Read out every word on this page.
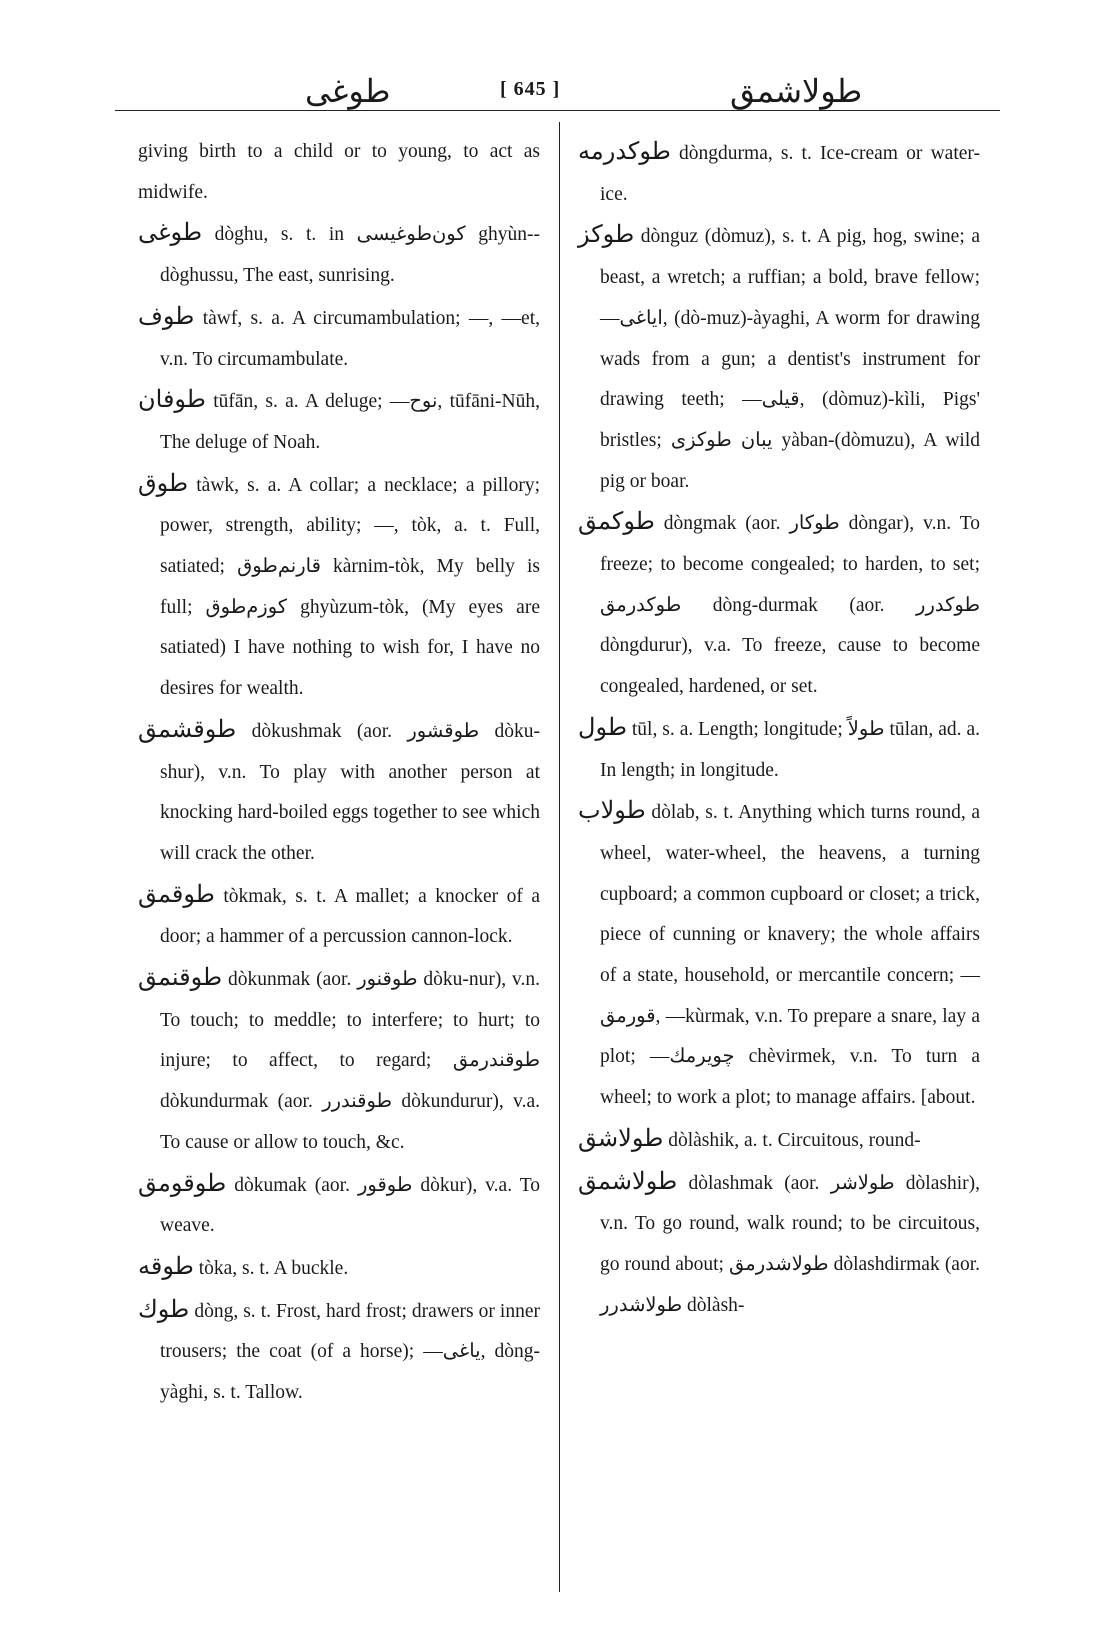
طوغی	[ 645 ]	طولاشمق

giving birth to a child or to young, to act as midwife.

طوغی dòghu, s. t. in کون‌طوغیسی ghyùn--dòghussu, The east, sunrising.

طوف tàwf, s. a. A circumambulation; —, —et, v.n. To circumambulate.

طوفان tūfān, s. a. A deluge; —نوح, tūfāni-Nūh, The deluge of Noah.

طوق tàwk, s. a. A collar; a necklace; a pillory; power, strength, ability; —, tòk, a. t. Full, satiated; قارنم‌طوق kàrnim-tòk, My belly is full; كوزم‌طوق ghyùzum-tòk, (My eyes are satiated) I have nothing to wish for, I have no desires for wealth.

طوقشمق dòkushmak (aor. طوقشور dòku-shur), v.n. To play with another person at knocking hard-boiled eggs together to see which will crack the other.

طوقمق tòkmak, s. t. A mallet; a knocker of a door; a hammer of a percussion cannon-lock.

طوقنمق dòkunmak (aor. طوقنور dòku-nur), v.n. To touch; to meddle; to interfere; to hurt; to injure; to affect, to regard; طوقندرمق dòkundurmak (aor. طوقندرر dòkundurur), v.a. To cause or allow to touch, &c.

طوقومق dòkumak (aor. طوقور dòkur), v.a. To weave.

طوقه tòka, s. t. A buckle.

طوك dòng, s. t. Frost, hard frost; drawers or inner trousers; the coat (of a horse); —یاغی, dòng-yàghi, s. t. Tallow.

طوكدرمه dòngdurma, s. t. Ice-cream or water-ice.

طوكز dònguz (dòmuz), s. t. A pig, hog, swine; a beast, a wretch; a ruffian; a bold, brave fellow; —ایاغی, (dò-muz)-àyaghi, A worm for drawing wads from a gun; a dentist's instrument for drawing teeth; —قیلی, (dòmuz)-kìli, Pigs' bristles; یبان طوكزی yàban-(dòmuzu), A wild pig or boar.

طوكمق dòngmak (aor. طوكار dòngar), v.n. To freeze; to become congealed; to harden, to set; طوكدرمق dòng-durmak (aor. طوكدرر dòngdurur), v.a. To freeze, cause to become congealed, hardened, or set.

طول tūl, s. a. Length; longitude; طولاً tūlan, ad. a. In length; in longitude.

طولاب dòlab, s. t. Anything which turns round, a wheel, water-wheel, the heavens, a turning cupboard; a common cupboard or closet; a trick, piece of cunning or knavery; the whole affairs of a state, household, or mercantile concern; —قورمق, —kùrmak, v.n. To prepare a snare, lay a plot; —چویرمك chèvirmek, v.n. To turn a wheel; to work a plot; to manage affairs. [about.

طولاشق dòlàshik, a. t. Circuitous, round-

طولاشمق dòlashmak (aor. طولاشر dòlashir), v.n. To go round, walk round; to be circuitous, go round about; طولاشدرمق dòlashdirmak (aor. طولاشدرر dòlàsh-
